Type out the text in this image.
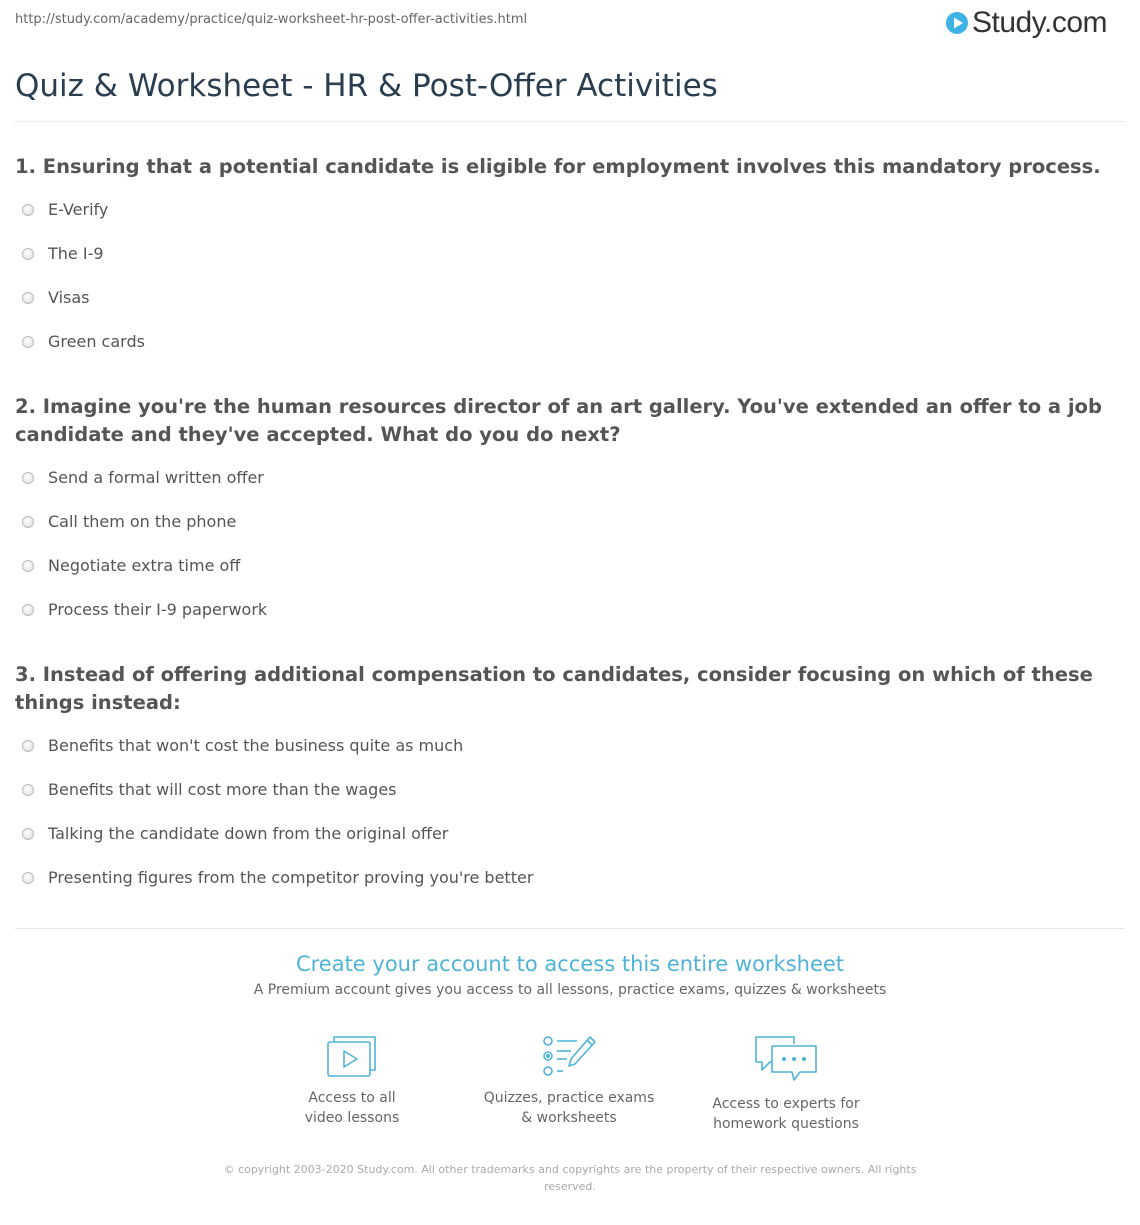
http://study.com/academy/practice/quiz-worksheet-hr-post-offer-activities.html	Study.com
Quiz & Worksheet - HR & Post-Offer Activities
1. Ensuring that a potential candidate is eligible for employment involves this mandatory process.
E-Verify
The I-9
Visas
Green cards
2. Imagine you're the human resources director of an art gallery. You've extended an offer to a job candidate and they've accepted. What do you do next?
Send a formal written offer
Call them on the phone
Negotiate extra time off
Process their I-9 paperwork
3. Instead of offering additional compensation to candidates, consider focusing on which of these things instead:
Benefits that won't cost the business quite as much
Benefits that will cost more than the wages
Talking the candidate down from the original offer
Presenting figures from the competitor proving you're better
Create your account to access this entire worksheet
A Premium account gives you access to all lessons, practice exams, quizzes & worksheets
Access to all
video lessons
Quizzes, practice exams
& worksheets
Access to experts for
homework questions
© copyright 2003-2020 Study.com. All other trademarks and copyrights are the property of their respective owners. All rights reserved.
